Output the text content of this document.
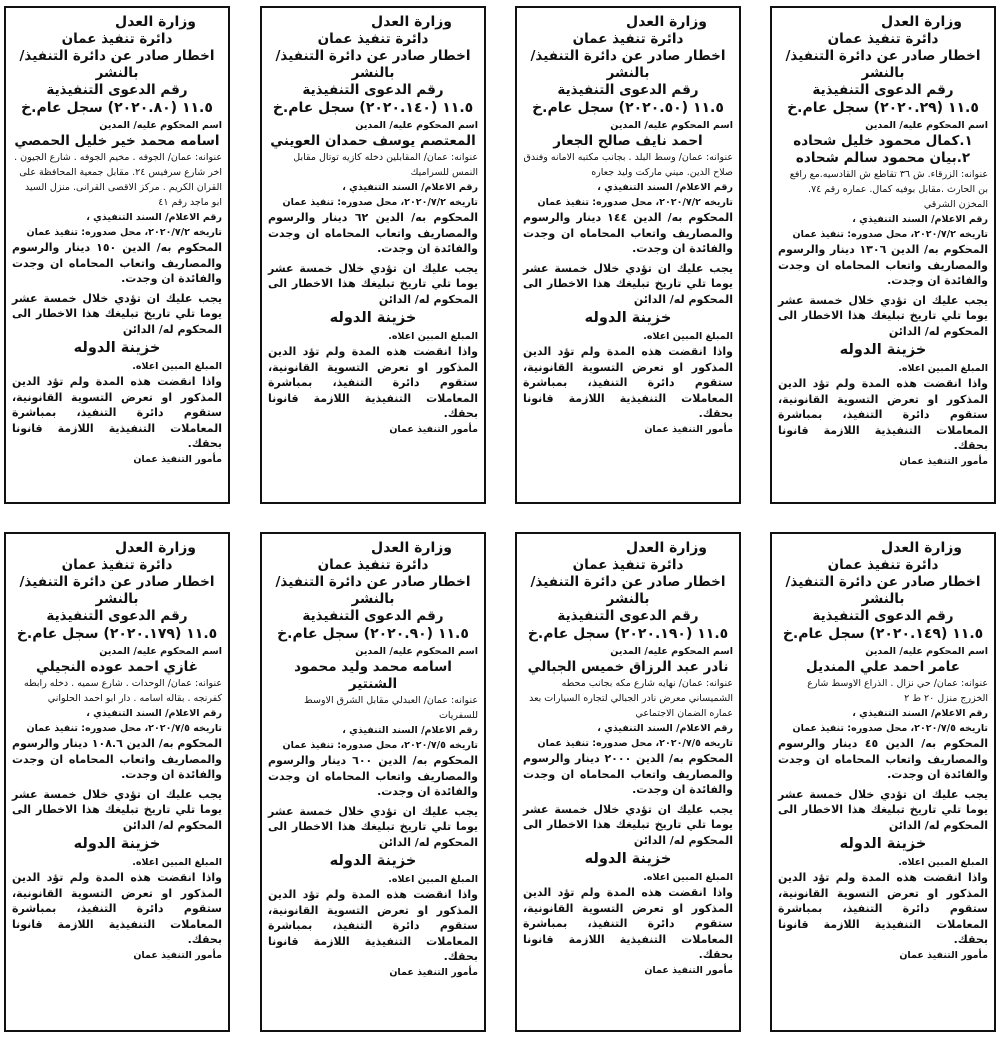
وزارة العدل
دائرة تنفيذ عمان
اخطار صادر عن دائرة التنفيذ/بالنشر
رقم الدعوى التنفيذية
١١.٥ (٢٠٢٠.٢٩) سجل عام.خ
اسم المحكوم عليه/ المدين
١.كمال محمود خليل شحاده
٢.بيان محمود سالم شحاده
عنوانه: الزرقاء. ش ٣٦ تقاطع ش القادسيه.مع رافع بن الحارث .مقابل بوفيه كمال. عماره رقم ٧٤. المخزن الشرقي
رقم الاعلام/ السند التنفيذي ،
تاريخه ٢٠٢٠/٧/٢، محل صدوره: تنفيذ عمان
المحكوم به/ الدين ١٣٠٦ دينار والرسوم والمصاريف واتعاب المحاماه ان وجدت والفائدة ان وجدت.
يجب عليك ان تؤدي خلال خمسة عشر يوما تلي تاريخ تبليغك هذا الاخطار الى المحكوم له/ الدائن
خزينة الدوله
المبلغ المبين اعلاه.
واذا انقضت هذه المدة ولم تؤد الدين المذكور او تعرض التسوية القانونية، ستقوم دائرة التنفيذ، بمباشرة المعاملات التنفيذية اللازمة قانونا بحقك.
مأمور التنفيذ عمان
وزارة العدل
دائرة تنفيذ عمان
اخطار صادر عن دائرة التنفيذ/بالنشر
رقم الدعوى التنفيذية
١١.٥ (٢٠٢٠.٥٠) سجل عام.خ
اسم المحكوم عليه/ المدين
احمد نايف صالح الجعار
عنوانه: عمان/ وسط البلد . بجانب مكتبه الامانه وفندق صلاح الدين. ميني ماركت وليد جعاره
رقم الاعلام/ السند التنفيذي ،
تاريخه ٢٠٢٠/٧/٢، محل صدوره: تنفيذ عمان
المحكوم به/ الدين ١٤٤ دينار والرسوم والمصاريف واتعاب المحاماه ان وجدت والفائدة ان وجدت.
يجب عليك ان تؤدي خلال خمسة عشر يوما تلي تاريخ تبليغك هذا الاخطار الى المحكوم له/ الدائن
خزينة الدوله
المبلغ المبين اعلاه.
واذا انقضت هذه المدة ولم تؤد الدين المذكور او تعرض التسوية القانونية، ستقوم دائرة التنفيذ، بمباشرة المعاملات التنفيذية اللازمة قانونا بحقك.
مأمور التنفيذ عمان
وزارة العدل
دائرة تنفيذ عمان
اخطار صادر عن دائرة التنفيذ/بالنشر
رقم الدعوى التنفيذية
١١.٥ (٢٠٢٠.١٤٠) سجل عام.خ
اسم المحكوم عليه/ المدين
المعتصم يوسف حمدان العويني
عنوانه: عمان/ المقابلين دخله كازيه توتال مقابل النمس للسراميك
رقم الاعلام/ السند التنفيذي ،
تاريخه ٢٠٢٠/٧/٢، محل صدوره: تنفيذ عمان
المحكوم به/ الدين ٦٢ دينار والرسوم والمصاريف واتعاب المحاماه ان وجدت والفائدة ان وجدت.
يجب عليك ان تؤدي خلال خمسة عشر يوما تلي تاريخ تبليغك هذا الاخطار الى المحكوم له/ الدائن
خزينة الدوله
المبلغ المبين اعلاه.
واذا انقضت هذه المدة ولم تؤد الدين المذكور او تعرض التسوية القانونية، ستقوم دائرة التنفيذ، بمباشرة المعاملات التنفيذية اللازمة قانونا بحقك.
مأمور التنفيذ عمان
وزارة العدل
دائرة تنفيذ عمان
اخطار صادر عن دائرة التنفيذ/بالنشر
رقم الدعوى التنفيذية
١١.٥ (٢٠٢٠.٨٠) سجل عام.خ
اسم المحكوم عليه/ المدين
اسامه محمد خير خليل الحمصي
عنوانه: عمان/ الجوفه . مخيم الجوفه . شارع الجيون . اخر شارع سرفيس ٢٤. مقابل جمعية المحافظة على القران الكريم . مركز الاقصى القرانى. منزل السيد ابو ماجد رقم ٤١
رقم الاعلام/ السند التنفيذي ،
تاريخه ٢٠٢٠/٧/٢، محل صدوره: تنفيذ عمان
المحكوم به/ الدين ١٥٠ دينار والرسوم والمصاريف واتعاب المحاماه ان وجدت والفائدة ان وجدت.
يجب عليك ان تؤدي خلال خمسة عشر يوما تلي تاريخ تبليغك هذا الاخطار الى المحكوم له/ الدائن
خزينة الدوله
المبلغ المبين اعلاه.
واذا انقضت هذه المدة ولم تؤد الدين المذكور او تعرض التسوية القانونية، ستقوم دائرة التنفيذ، بمباشرة المعاملات التنفيذية اللازمة قانونا بحقك.
مأمور التنفيذ عمان
وزارة العدل
دائرة تنفيذ عمان
اخطار صادر عن دائرة التنفيذ/بالنشر
رقم الدعوى التنفيذية
١١.٥ (٢٠٢٠.١٤٩) سجل عام.خ
اسم المحكوم عليه/ المدين
عامر احمد علي المنديل
عنوانه: عمان/ حي نزال . الذراع الاوسط شارع الخزرج منزل ٢٠ ط ٢
رقم الاعلام/ السند التنفيذي ،
تاريخه ٢٠٢٠/٧/٥، محل صدوره: تنفيذ عمان
المحكوم به/ الدين ٤٥ دينار والرسوم والمصاريف واتعاب المحاماه ان وجدت والفائدة ان وجدت.
يجب عليك ان تؤدي خلال خمسة عشر يوما تلي تاريخ تبليغك هذا الاخطار الى المحكوم له/ الدائن
خزينة الدوله
المبلغ المبين اعلاه.
واذا انقضت هذه المدة ولم تؤد الدين المذكور او تعرض التسوية القانونية، ستقوم دائرة التنفيذ، بمباشرة المعاملات التنفيذية اللازمة قانونا بحقك.
مأمور التنفيذ عمان
وزارة العدل
دائرة تنفيذ عمان
اخطار صادر عن دائرة التنفيذ/بالنشر
رقم الدعوى التنفيذية
١١.٥ (٢٠٢٠.١٩٠) سجل عام.خ
اسم المحكوم عليه/ المدين
نادر عبد الرزاق خميس الجبالي
عنوانه: عمان/ نهايه شارع مكه بجانب محطه الشميساني معرض نادر الجبالي لتجاره السيارات بعد عماره الضمان الاجتماعي
رقم الاعلام/ السند التنفيذي ،
تاريخه ٢٠٢٠/٧/٥، محل صدوره: تنفيذ عمان
المحكوم به/ الدين ٢٠٠٠ دينار والرسوم والمصاريف واتعاب المحاماه ان وجدت والفائدة ان وجدت.
يجب عليك ان تؤدي خلال خمسة عشر يوما تلي تاريخ تبليغك هذا الاخطار الى المحكوم له/ الدائن
خزينة الدوله
المبلغ المبين اعلاه.
واذا انقضت هذه المدة ولم تؤد الدين المذكور او تعرض التسوية القانونية، ستقوم دائرة التنفيذ، بمباشرة المعاملات التنفيذية اللازمة قانونا بحقك.
مأمور التنفيذ عمان
وزارة العدل
دائرة تنفيذ عمان
اخطار صادر عن دائرة التنفيذ/بالنشر
رقم الدعوى التنفيذية
١١.٥ (٢٠٢٠.٩٠) سجل عام.خ
اسم المحكوم عليه/ المدين
اسامه محمد وليد محمود الشنتير
عنوانه: عمان/ العبدلي مقابل الشرق الاوسط للسفريات
رقم الاعلام/ السند التنفيذي ،
تاريخه ٢٠٢٠/٧/٥، محل صدوره: تنفيذ عمان
المحكوم به/ الدين ٦٠٠ دينار والرسوم والمصاريف واتعاب المحاماه ان وجدت والفائدة ان وجدت.
يجب عليك ان تؤدي خلال خمسة عشر يوما تلي تاريخ تبليغك هذا الاخطار الى المحكوم له/ الدائن
خزينة الدوله
المبلغ المبين اعلاه.
واذا انقضت هذه المدة ولم تؤد الدين المذكور او تعرض التسوية القانونية، ستقوم دائرة التنفيذ، بمباشرة المعاملات التنفيذية اللازمة قانونا بحقك.
مأمور التنفيذ عمان
وزارة العدل
دائرة تنفيذ عمان
اخطار صادر عن دائرة التنفيذ/بالنشر
رقم الدعوى التنفيذية
١١.٥ (٢٠٢٠.١٧٩) سجل عام.خ
اسم المحكوم عليه/ المدين
غازي احمد عوده النجيلي
عنوانه: عمان/ الوحدات . شارع سميه . دخله رابطه كفرنجه . بقاله اسامه . دار ابو احمد الحلواني
رقم الاعلام/ السند التنفيذي ،
تاريخه ٢٠٢٠/٧/٥، محل صدوره: تنفيذ عمان
المحكوم به/ الدين ١٠٨.٦ دينار والرسوم والمصاريف واتعاب المحاماه ان وجدت والفائدة ان وجدت.
يجب عليك ان تؤدي خلال خمسة عشر يوما تلي تاريخ تبليغك هذا الاخطار الى المحكوم له/ الدائن
خزينة الدوله
المبلغ المبين اعلاه.
واذا انقضت هذه المدة ولم تؤد الدين المذكور او تعرض التسوية القانونية، ستقوم دائرة التنفيذ، بمباشرة المعاملات التنفيذية اللازمة قانونا بحقك.
مأمور التنفيذ عمان
